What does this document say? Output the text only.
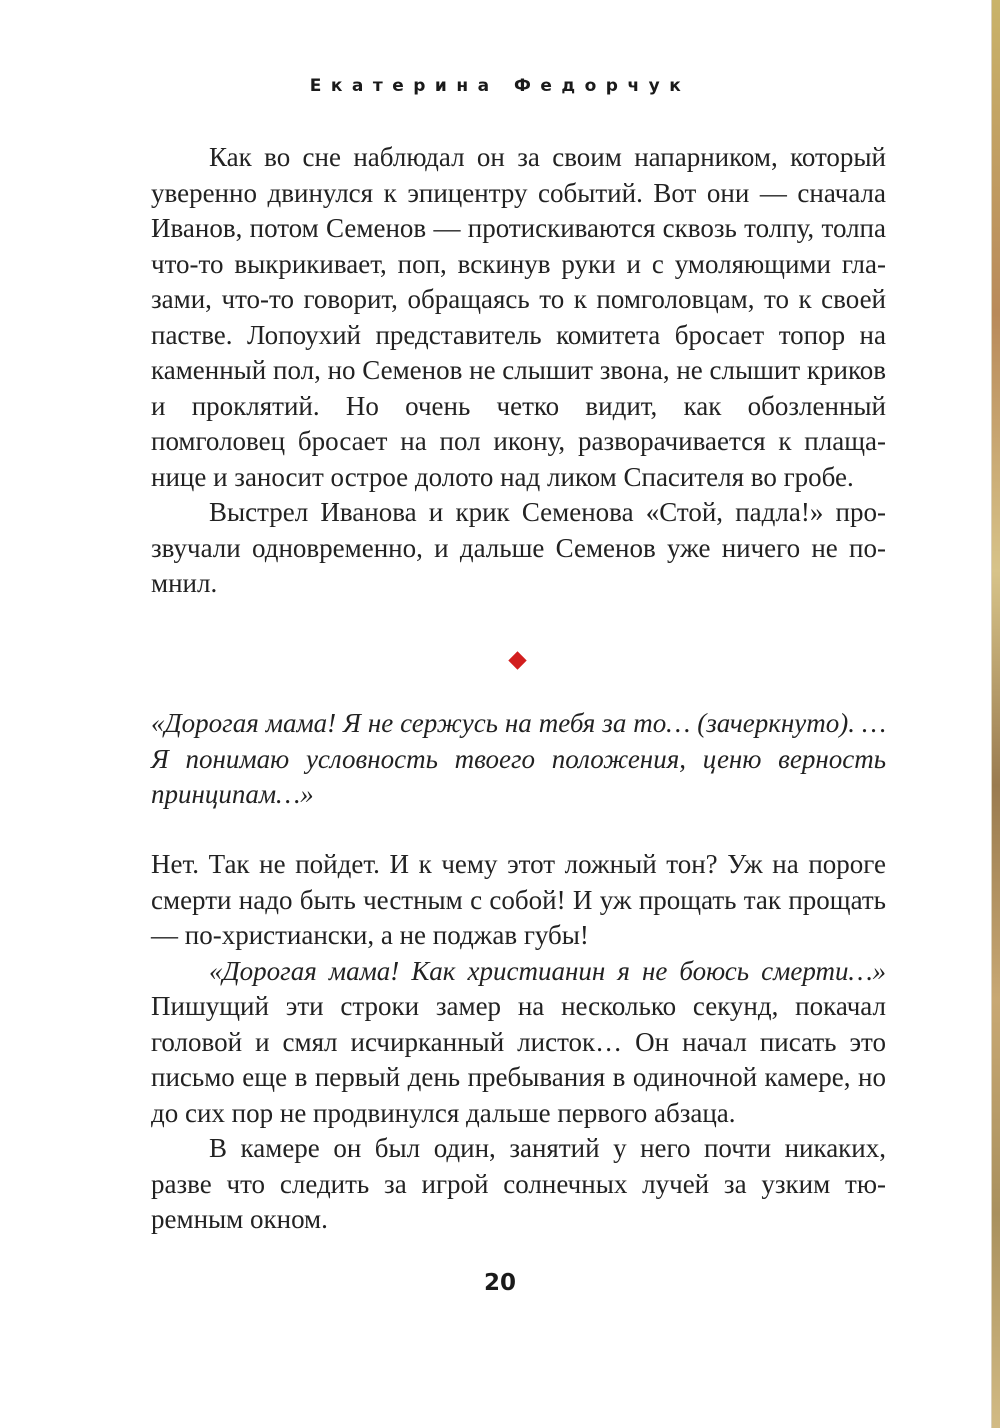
Екатерина Федорчук

Как во сне наблюдал он за своим напарником, который уверенно двинулся к эпицентру событий. Вот они — сначала Иванов, потом Семенов — протискиваются сквозь толпу, толпа что-то выкрикивает, поп, вскинув руки и с умоляющими глазами, что-то говорит, обращаясь то к помголовцам, то к своей пастве. Лопоухий представитель комитета бросает топор на каменный пол, но Семенов не слышит звона, не слышит криков и проклятий. Но очень четко видит, как обозленный помголовец бросает на пол икону, разворачивается к плащанице и заносит острое долото над ликом Спасителя во гробе.

Выстрел Иванова и крик Семенова «Стой, падла!» прозвучали одновременно, и дальше Семенов уже ничего не помнил.

«Дорогая мама! Я не сержусь на тебя за то… (зачеркнуто). …Я понимаю условность твоего положения, ценю верность принципам…»

Нет. Так не пойдет. И к чему этот ложный тон? Уж на пороге смерти надо быть честным с собой! И уж прощать так прощать — по-христиански, а не поджав губы!

«Дорогая мама! Как христианин я не боюсь смерти…» Пишущий эти строки замер на несколько секунд, покачал головой и смял исчирканный листок… Он начал писать это письмо еще в первый день пребывания в одиночной камере, но до сих пор не продвинулся дальше первого абзаца.

В камере он был один, занятий у него почти никаких, разве что следить за игрой солнечных лучей за узким тюремным окном.

20
